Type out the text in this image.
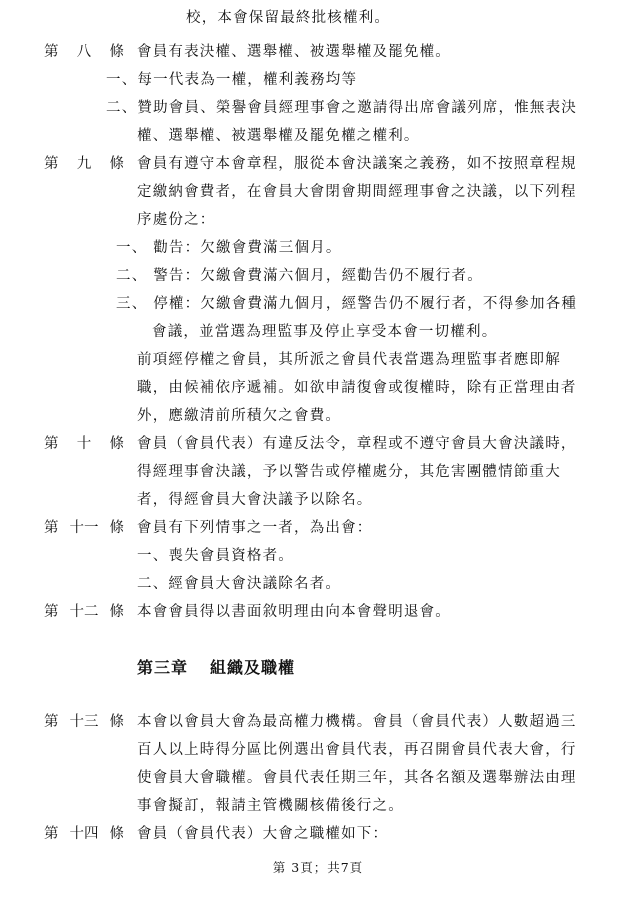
第三章 組織及職權
第 3頁；共7頁
校，本會保留最終批核權利。
會員有表決權、選舉權、被選舉權及罷免權。
一、每一代表為一權，權利義務均等
二、贊助會員、榮譽會員經理事會之邀請得出席會議列席，惟無表決
權、選舉權、被選舉權及罷免權之權利。
會員有遵守本會章程，服從本會決議案之義務，如不按照章程規
定繳納會費者，在會員大會閉會期間經理事會之決議，以下列程
序處份之：
一、 勸告：欠繳會費滿三個月。
二、 警告：欠繳會費滿六個月，經勸告仍不履行者。
三、 停權：欠繳會費滿九個月，經警告仍不履行者，不得參加各種
會議，並當選為理監事及停止享受本會一切權利。
前項經停權之會員，其所派之會員代表當選為理監事者應即解
職，由候補依序遞補。如欲申請復會或復權時，除有正當理由者
外，應繳清前所積欠之會費。
會員（會員代表）有違反法令，章程或不遵守會員大會決議時，
得經理事會決議，予以警告或停權處分，其危害團體情節重大
者，得經會員大會決議予以除名。
會員有下列情事之一者，為出會：
一、喪失會員資格者。
二、經會員大會決議除名者。
本會會員得以書面敘明理由向本會聲明退會。
本會以會員大會為最高權力機構。會員（會員代表）人數超過三
百人以上時得分區比例選出會員代表，再召開會員代表大會，行
使會員大會職權。會員代表任期三年，其各名額及選舉辦法由理
事會擬訂，報請主管機關核備後行之。
會員（會員代表）大會之職權如下：
第 八 條
第 九 條
第 十 條
第 十一 條
第 十二 條
第 十三 條
第 十四 條
